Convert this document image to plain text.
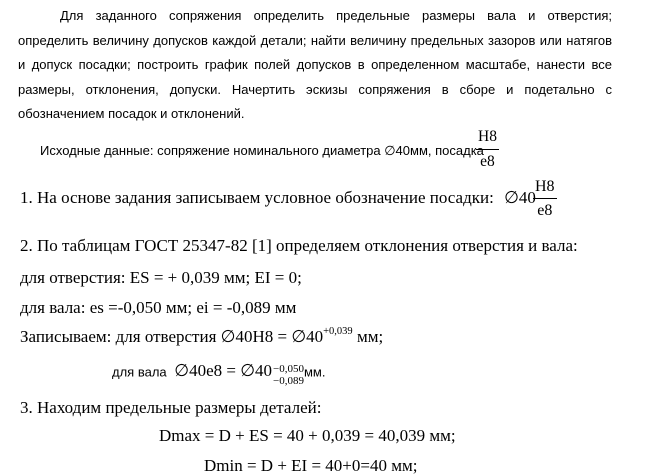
Для заданного сопряжения определить предельные размеры вала и отверстия; определить величину допусков каждой детали; найти величину предельных зазоров или натягов и допуск посадки; построить график полей допусков в определенном масштабе, нанести все размеры, отклонения, допуски. Начертить эскизы сопряжения в сборе и подетально с обозначением посадок и отклонений.

Исходные данные: сопряжение номинального диаметра ∅40мм, посадка
H8
e8
1. На основе задания записываем условное обозначение посадки: ∅40
H8
e8
2. По таблицам ГОСТ 25347-82 [1] определяем отклонения отверстия и вала:
для отверстия: ES = + 0,039 мм; EI = 0;
для вала: es =-0,050 мм; ei = -0,089 мм
Записываем: для отверстия ∅40H8 = $\emptyset 40^{+0,039}$ мм;
для вала ∅40e8 = ∅40 −0,050
−0,089
мм.
3. Находим предельные размеры деталей:
Dmax = D + ES = 40 + 0,039 = 40,039 мм;
Dmin = D + EI = 40+0=40 мм;
